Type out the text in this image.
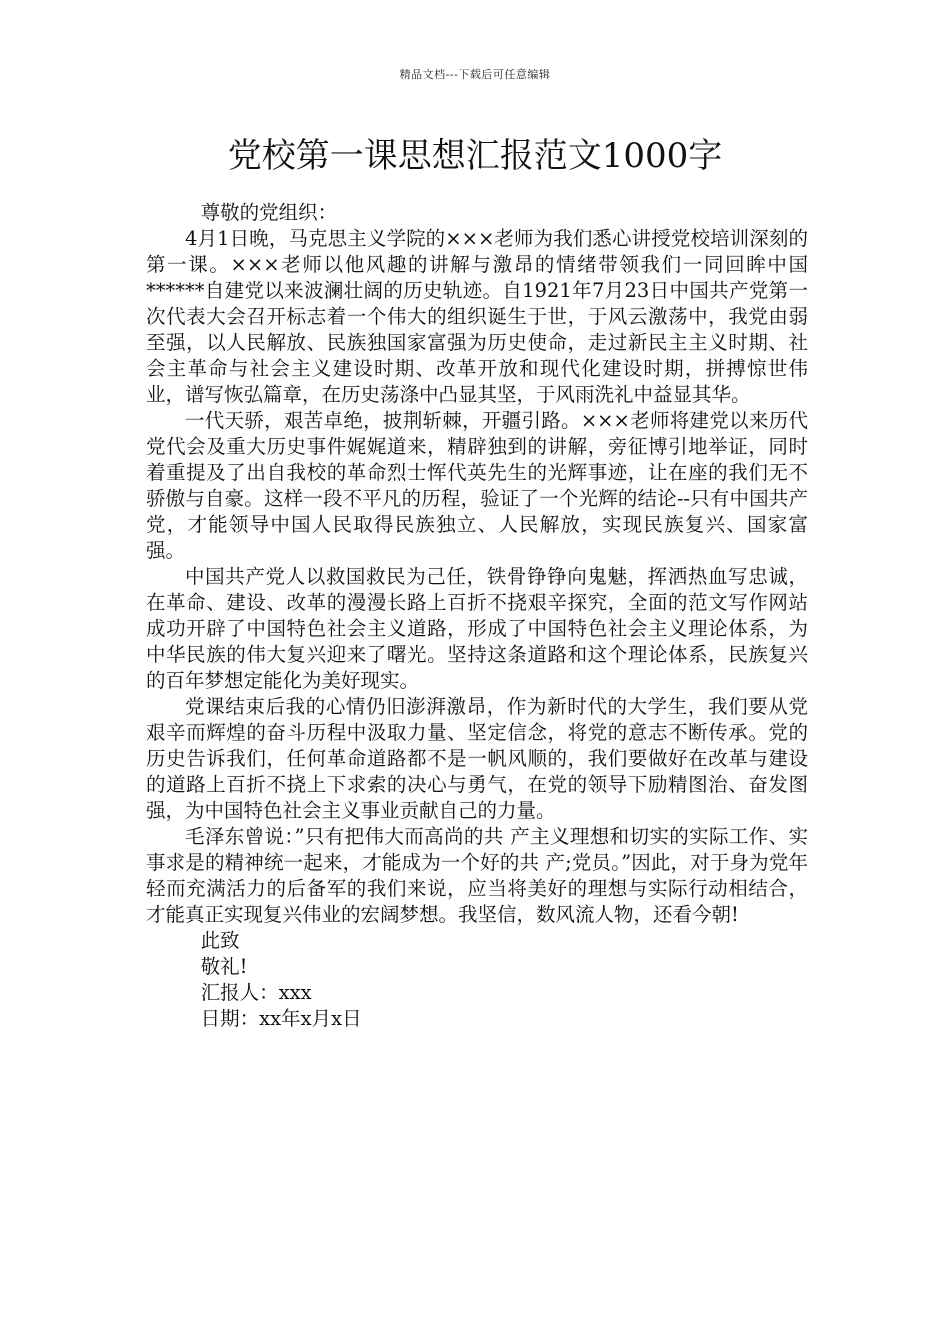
精品文档---下载后可任意编辑
党校第一课思想汇报范文1000字

尊敬的党组织：

4月1日晚，马克思主义学院的×××老师为我们悉心讲授党校培训深刻的第一课。×××老师以他风趣的讲解与激昂的情绪带领我们一同回眸中国******自建党以来波澜壮阔的历史轨迹。自1921年7月23日中国共产党第一次代表大会召开标志着一个伟大的组织诞生于世，于风云激荡中，我党由弱至强，以人民解放、民族独国家富强为历史使命，走过新民主主义时期、社会主革命与社会主义建设时期、改革开放和现代化建设时期，拼搏惊世伟业，谱写恢弘篇章，在历史荡涤中凸显其坚，于风雨洗礼中益显其华。

一代天骄，艰苦卓绝，披荆斩棘，开疆引路。×××老师将建党以来历代党代会及重大历史事件娓娓道来，精辟独到的讲解，旁征博引地举证，同时着重提及了出自我校的革命烈士恽代英先生的光辉事迹，让在座的我们无不骄傲与自豪。这样一段不平凡的历程，验证了一个光辉的结论--只有中国共产党，才能领导中国人民取得民族独立、人民解放，实现民族复兴、国家富强。

中国共产党人以救国救民为己任，铁骨铮铮向鬼魅，挥洒热血写忠诚，在革命、建设、改革的漫漫长路上百折不挠艰辛探究，全面的范文写作网站成功开辟了中国特色社会主义道路，形成了中国特色社会主义理论体系，为中华民族的伟大复兴迎来了曙光。坚持这条道路和这个理论体系，民族复兴的百年梦想定能化为美好现实。

党课结束后我的心情仍旧澎湃激昂，作为新时代的大学生，我们要从党艰辛而辉煌的奋斗历程中汲取力量、坚定信念，将党的意志不断传承。党的历史告诉我们，任何革命道路都不是一帆风顺的，我们要做好在改革与建设的道路上百折不挠上下求索的决心与勇气，在党的领导下励精图治、奋发图强，为中国特色社会主义事业贡献自己的力量。

毛泽东曾说：”只有把伟大而高尚的共 产主义理想和切实的实际工作、实事求是的精神统一起来，才能成为一个好的共 产;党员。”因此，对于身为党年轻而充满活力的后备军的我们来说，应当将美好的理想与实际行动相结合，才能真正实现复兴伟业的宏阔梦想。我坚信，数风流人物，还看今朝!

此致

敬礼!

汇报人：xxx

日期：xx年x月x日
